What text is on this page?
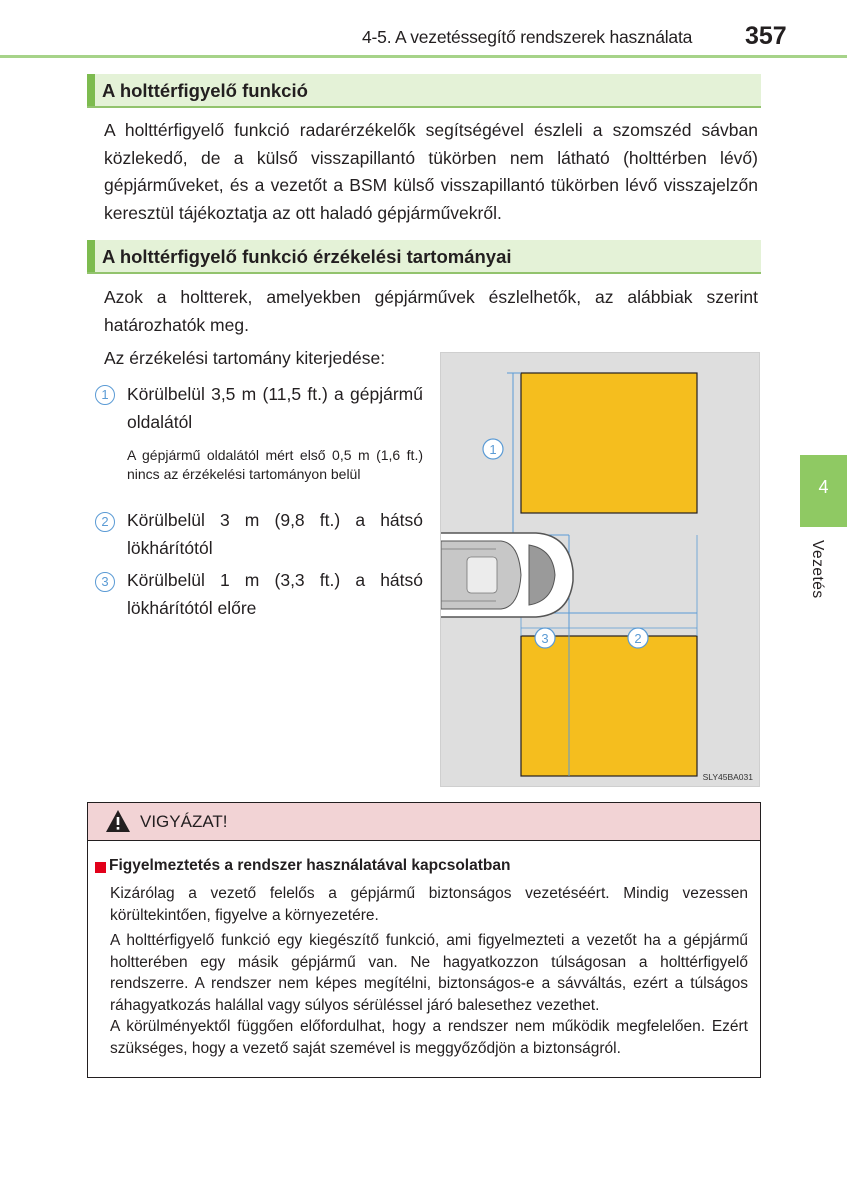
4-5. A vezetéssegítő rendszerek használata 357
4
Vezetés
A holttérfigyelő funkció
A holttérfigyelő funkció radarérzékelők segítségével észleli a szomszéd sávban közlekedő, de a külső visszapillantó tükörben nem látható (holttérben lévő) gépjárműveket, és a vezetőt a BSM külső visszapillantó tükörben lévő visszajelzőn keresztül tájékoztatja az ott haladó gépjárművekről.
A holttérfigyelő funkció érzékelési tartományai
Azok a holtterek, amelyekben gépjárművek észlelhetők, az alábbiak szerint határozhatók meg.
Az érzékelési tartomány kiterjedése:
1	Körülbelül 3,5 m (11,5 ft.) a gépjármű oldalától
A gépjármű oldalától mért első 0,5 m (1,6 ft.) nincs az érzékelési tartományon belül
2	Körülbelül 3 m (9,8 ft.) a hátsó lökhárítótól
3	Körülbelül 1 m (3,3 ft.) a hátsó lökhárítótól előre
1
2
3
SLY45BA031
VIGYÁZAT!
Figyelmeztetés a rendszer használatával kapcsolatban
Kizárólag a vezető felelős a gépjármű biztonságos vezetéséért. Mindig vezessen körültekintően, figyelve a környezetére.
A holttérfigyelő funkció egy kiegészítő funkció, ami figyelmezteti a vezetőt ha a gépjármű holtterében egy másik gépjármű van. Ne hagyatkozzon túlságosan a holttérfigyelő rendszerre. A rendszer nem képes megítélni, biztonságos-e a sávváltás, ezért a túlságos ráhagyatkozás halállal vagy súlyos sérüléssel járó balesethez vezethet.
A körülményektől függően előfordulhat, hogy a rendszer nem működik megfelelően. Ezért szükséges, hogy a vezető saját szemével is meggyőződjön a biztonságról.
